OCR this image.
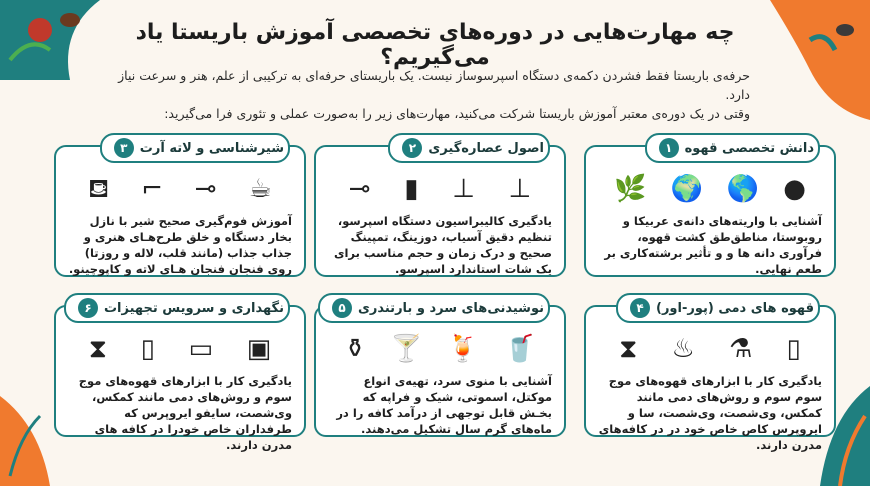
چه مهارت‌هایی در دوره‌های تخصصی آموزش باریستا یاد می‌گیریم؟
حرفه‌ی باریستا فقط فشردن دکمه‌ی دستگاه اسپرسوساز نیست. یک باریستای حرفه‌ای به ترکیبی از علم، هنر و سرعت نیاز دارد.
وقتی در یک دوره‌ی معتبر آموزش باریستا شرکت می‌کنید، مهارت‌های زیر را به‌صورت عملی و تئوری فرا می‌گیرید:
۱ دانش تخصصی قهوه
🌿 🌍 🌎 ●
آشنایی با واریته‌های دانه‌ی عربیکا و روبوستا، مناطق‌طق کشت قهوه، فرآوری دانه ها و و تأثیر برشته‌کاری بر طعم نهایی.
۲ اصول عصاره‌گیری
⊸ ▮ ⊥ ⊥
یادگیری کالیبراسیون دستگاه اسپرسو، تنظیم دقیق آسیاب، دوزینگ، تمپینگ صحیح و درک زمان و حجم مناسب برای یک شات استاندارد اسپرسو.
۳ شیرشناسی و لاته آرت
⛾ ⌐ ⊸ ☕
آموزش فوم‌گیری صحیح شیر با نازل بخار دستگاه و خلق طرح‌هـای هنری و جذاب جذاب (مانند قلب، لاله و روزتا) روی فنجان فنجان هـای لاته و کاپوچینو.
۴ قهوه های دمی (پور-اور)
⧗ ♨ ⚗ ▯
یادگیری کار با ابزارهای قهوه‌های موج سوم سوم و روش‌های دمی مانند کمکس، وی‌شصت، وی‌شصت، سا و ایروپرس کاص خاص خود در در کافه‌های مدرن دارند.
۵ نوشیدنی‌های سرد و بارتندری
⚱ 🍸 🍹 🥤
آشنایی با منوی سرد، تهیه‌ی انواع موکتل، اسموتی، شیک و فراپه که بخـش قابل توجهی از درآمد کافه را در ماه‌های گرم سال تشکیل می‌دهند.
۶ نگهداری و سرویس تجهیزات
⧗ ▯ ▭ ▣
یادگیری کار با ابزارهای قهوه‌های موج سوم و روش‌های دمی مانند کمکس، وی‌شصت، سایفو ایروپرس که طرفداران خاص خودرا در کافه های مدرن دارند.
